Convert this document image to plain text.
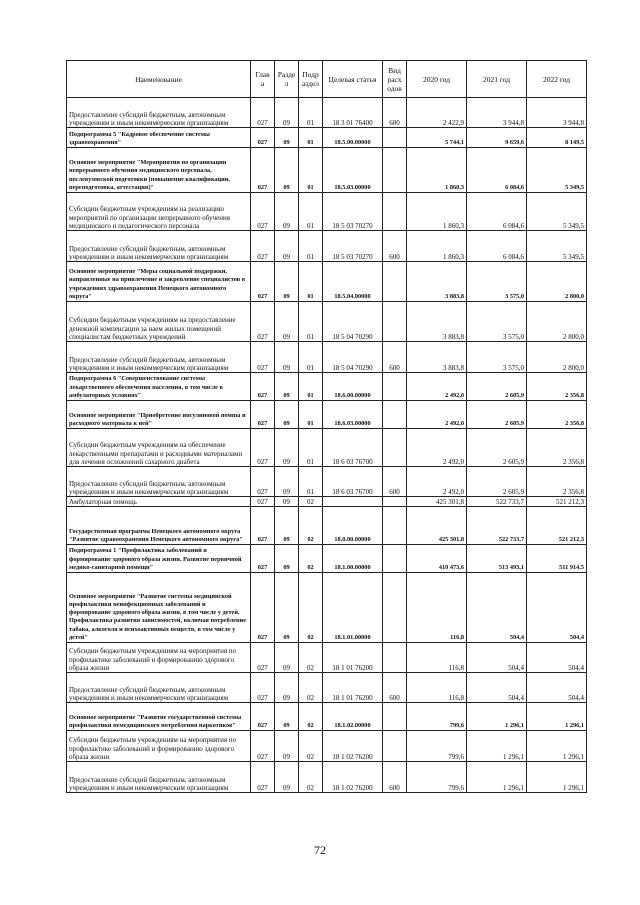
Наименование	Глав а	Разде л	Подр аздел	Целевая статья	Вид расх одов	2020 год	2021 год	2022 год
Предоставление субсидий бюджетным, автономным учреждениям и иным некоммерческим организациям	027	09	01	18 3 01 76400	600	2 422,9	3 944,8	3 944,8
Подпрограмма 5 "Кадровое обеспечение системы здравоохранения"	027	09	01	18.5.00.00000		5 744,1	9 659,6	8 149,5
Основное мероприятие "Мероприятия по организации непрерывного обучения медицинского персонала, послевузовской подготовки (повышение квалификации, переподготовка, аттестация)"	027	09	01	18.5.03.00000		1 860,3	6 084,6	5 349,5
Субсидии бюджетным учреждениям на реализацию мероприятий по организации непрерывного обучения медицинского и педагогического персонала	027	09	01	18 5 03 70270		1 860,3	6 084,6	5 349,5
Предоставление субсидий бюджетным, автономным учреждениям и иным некоммерческим организациям	027	09	01	18 5 03 70270	600	1 860,3	6 084,6	5 349,5
Основное мероприятие "Меры социальной поддержки, направленные на привлечение и закрепление специалистов в учреждениях здравоохранения Ненецкого автономного округа"	027	09	01	18.5.04.00000		3 883,8	3 575,0	2 800,0
Субсидии бюджетным учреждениям на предоставление денежной компенсации за наем жилых помещений специалистам бюджетных учреждений	027	09	01	18 5 04 70290		3 883,8	3 575,0	2 800,0
Предоставление субсидий бюджетным, автономным учреждениям и иным некоммерческим организациям	027	09	01	18 5 04 70290	600	3 883,8	3 575,0	2 800,0
Подпрограмма 6 "Совершенствование системы лекарственного обеспечения населения, в том числе в амбулаторных условиях"	027	09	01	18.6.00.00000		2 492,0	2 605,9	2 356,8
Основное мероприятие "Приобретение инсулиновой помпы и расходного материала к ней"	027	09	01	18.6.03.00000		2 492,0	2 605,9	2 356,8
Субсидии бюджетным учреждениям на обеспечение лекарственными препаратами и расходными материалами для лечения осложнений сахарного диабета	027	09	01	18 6 03 76700		2 492,0	2 605,9	2 356,8
Предоставление субсидий бюджетным, автономным учреждениям и иным некоммерческим организациям	027	09	01	18 6 03 76700	600	2 492,0	2 605,9	2 356,8
Амбулаторная помощь	027	09	02			425 301,8	522 733,7	521 212,3
Государственная программа Ненецкого автономного округа "Развитие здравоохранения Ненецкого автономного округа"	027	09	02	18.0.00.00000		425 301,8	522 733,7	521 212,3
Подпрограмма 1 "Профилактика заболеваний и формирование здорового образа жизни. Развитие первичной медико-санитарной помощи"	027	09	02	18.1.00.00000		410 473,6	513 493,1	511 914,5
Основное мероприятие "Развитие системы медицинской профилактики неинфекционных заболеваний и формирование здорового образа жизни, в том числе у детей. Профилактика развития зависимостей, включая потребление табака, алкоголя и психоактивных веществ, в том числе у детей"	027	09	02	18.1.01.00000		116,8	504,4	504,4
Субсидии бюджетным учреждениям на мероприятия по профилактике заболеваний и формированию здорового образа жизни	027	09	02	18 1 01 76200		116,8	504,4	504,4
Предоставление субсидий бюджетным, автономным учреждениям и иным некоммерческим организациям	027	09	02	18 1 01 76200	600	116,8	504,4	504,4
Основное мероприятие "Развитие государственной системы профилактики немедицинского потребления наркотиков"	027	09	02	18.1.02.00000		799,6	1 296,1	1 296,1
Субсидии бюджетным учреждениям на мероприятия по профилактике заболеваний и формированию здорового образа жизни	027	09	02	18 1 02 76200		799,6	1 296,1	1 296,1
Предоставление субсидий бюджетным, автономным учреждениям и иным некоммерческим организациям	027	09	02	18 1 02 76200	600	799,6	1 296,1	1 296,1
72
